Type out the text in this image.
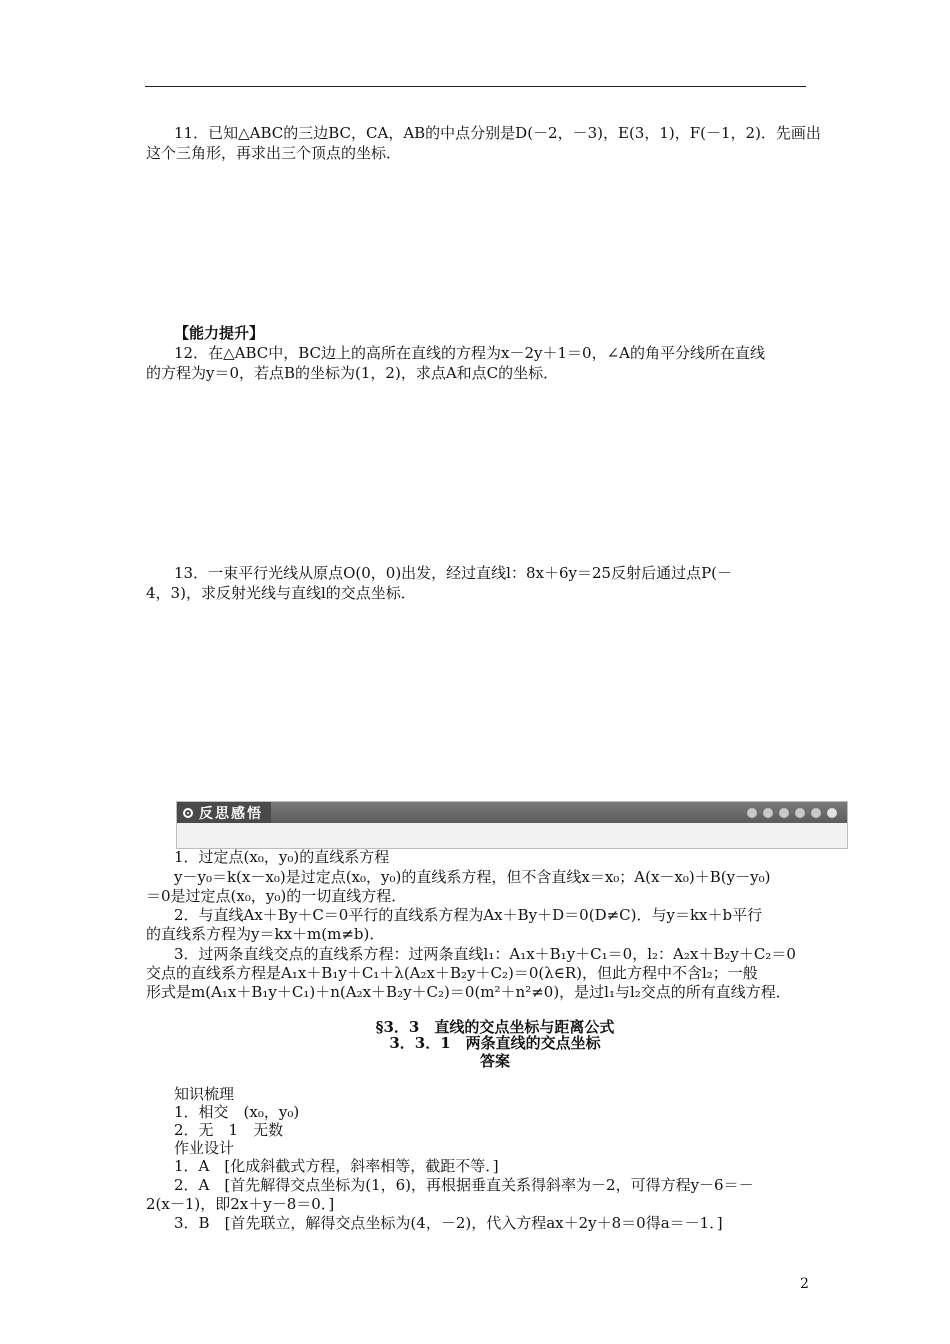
11．已知△ABC的三边BC，CA，AB的中点分别是D(－2，－3)，E(3，1)，F(－1，2)．先画出
这个三角形，再求出三个顶点的坐标．
【能力提升】
12．在△ABC中，BC边上的高所在直线的方程为x－2y＋1＝0，∠A的角平分线所在直线
的方程为y＝0，若点B的坐标为(1，2)，求点A和点C的坐标．
13．一束平行光线从原点O(0，0)出发，经过直线l：8x＋6y＝25反射后通过点P(－
4，3)，求反射光线与直线l的交点坐标．
反思感悟
1．过定点(x₀，y₀)的直线系方程
y－y₀＝k(x－x₀)是过定点(x₀，y₀)的直线系方程，但不含直线x＝x₀；A(x－x₀)＋B(y－y₀)
＝0是过定点(x₀，y₀)的一切直线方程．
2．与直线Ax＋By＋C＝0平行的直线系方程为Ax＋By＋D＝0(D≠C)．与y＝kx＋b平行
的直线系方程为y＝kx＋m(m≠b)．
3．过两条直线交点的直线系方程：过两条直线l₁：A₁x＋B₁y＋C₁＝0，l₂：A₂x＋B₂y＋C₂＝0
交点的直线系方程是A₁x＋B₁y＋C₁＋λ(A₂x＋B₂y＋C₂)＝0(λ∈R)，但此方程中不含l₂；一般
形式是m(A₁x＋B₁y＋C₁)＋n(A₂x＋B₂y＋C₂)＝0(m²＋n²≠0)，是过l₁与l₂交点的所有直线方程．
§3．3　直线的交点坐标与距离公式
3．3．1　两条直线的交点坐标
答案
知识梳理
1．相交　(x₀，y₀)
2．无　1　无数
作业设计
1．A　[化成斜截式方程，斜率相等，截距不等．]
2．A　[首先解得交点坐标为(1，6)，再根据垂直关系得斜率为－2，可得方程y－6＝－
2(x－1)，即2x＋y－8＝0．]
3．B　[首先联立，解得交点坐标为(4，－2)，代入方程ax＋2y＋8＝0得a＝－1．]
2
